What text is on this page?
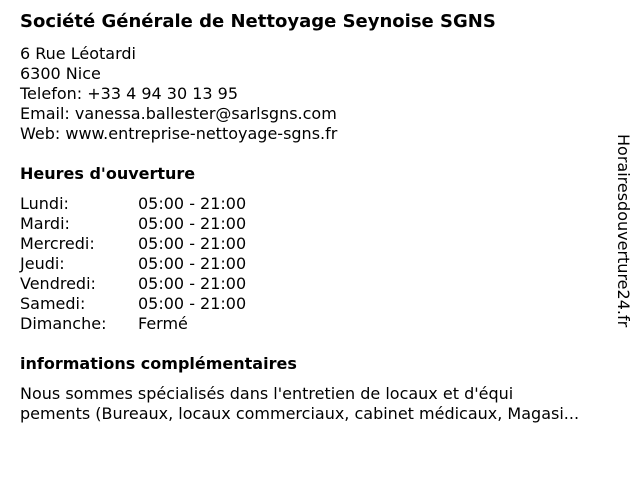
Société Générale de Nettoyage Seynoise SGNS
6 Rue Léotardi
6300 Nice
Telefon: +33 4 94 30 13 95
Email: vanessa.ballester@sarlsgns.com
Web: www.entreprise-nettoyage-sgns.fr
Heures d'ouverture
Lundi:	05:00 - 21:00
Mardi:	05:00 - 21:00
Mercredi:	05:00 - 21:00
Jeudi:	05:00 - 21:00
Vendredi:	05:00 - 21:00
Samedi:	05:00 - 21:00
Dimanche:	Fermé
informations complémentaires
Nous sommes spécialisés dans l'entretien de locaux et d'équi
pements (Bureaux, locaux commerciaux, cabinet médicaux, Magasi...
Horairesdouverture24.fr
